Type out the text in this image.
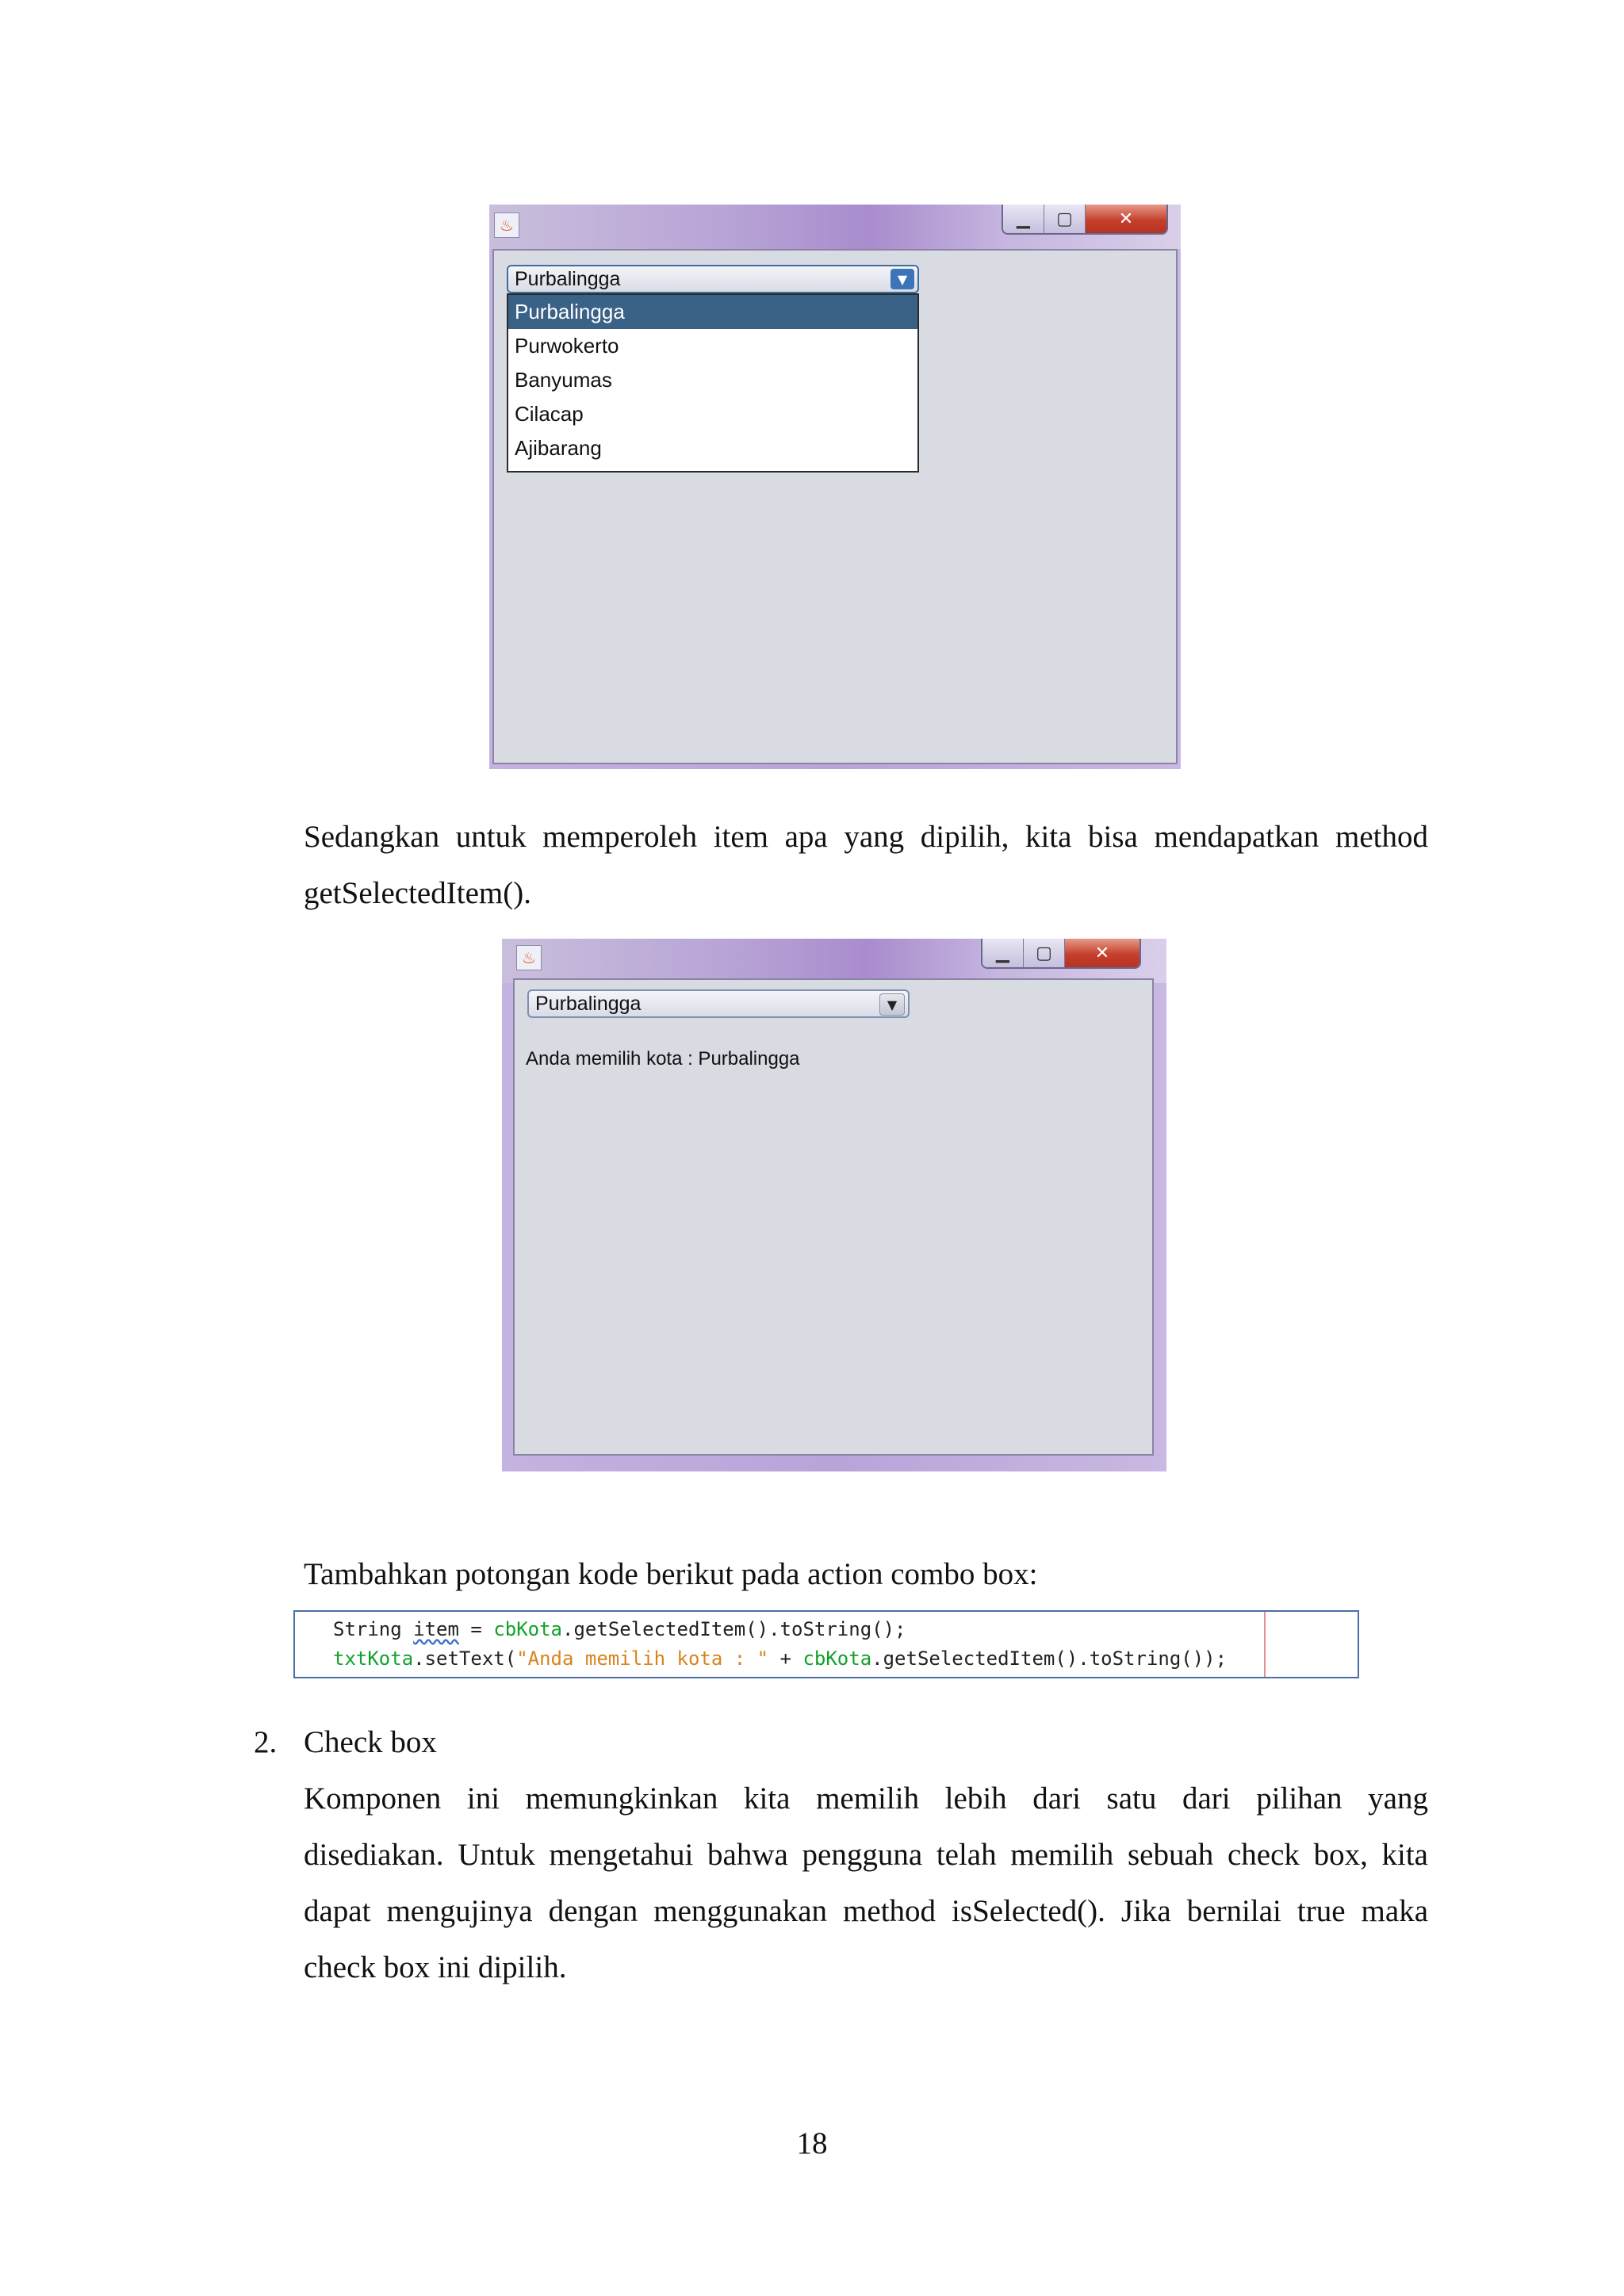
♨	▁	▢	✕
Purbalingga	▼
Purbalingga
Purwokerto
Banyumas
Cilacap
Ajibarang
Sedangkan untuk memperoleh item apa yang dipilih, kita bisa mendapatkan method getSelectedItem().
♨	▁	▢	✕
Purbalingga	▼
Anda memilih kota : Purbalingga
Tambahkan potongan kode berikut pada action combo box:
String item = cbKota.getSelectedItem().toString();
txtKota.setText("Anda memilih kota : " + cbKota.getSelectedItem().toString());
2. Check box
Komponen ini memungkinkan kita memilih lebih dari satu dari pilihan yang
disediakan. Untuk mengetahui bahwa pengguna telah memilih sebuah check box, kita
dapat mengujinya dengan menggunakan method isSelected(). Jika bernilai true maka
check box ini dipilih.
18
